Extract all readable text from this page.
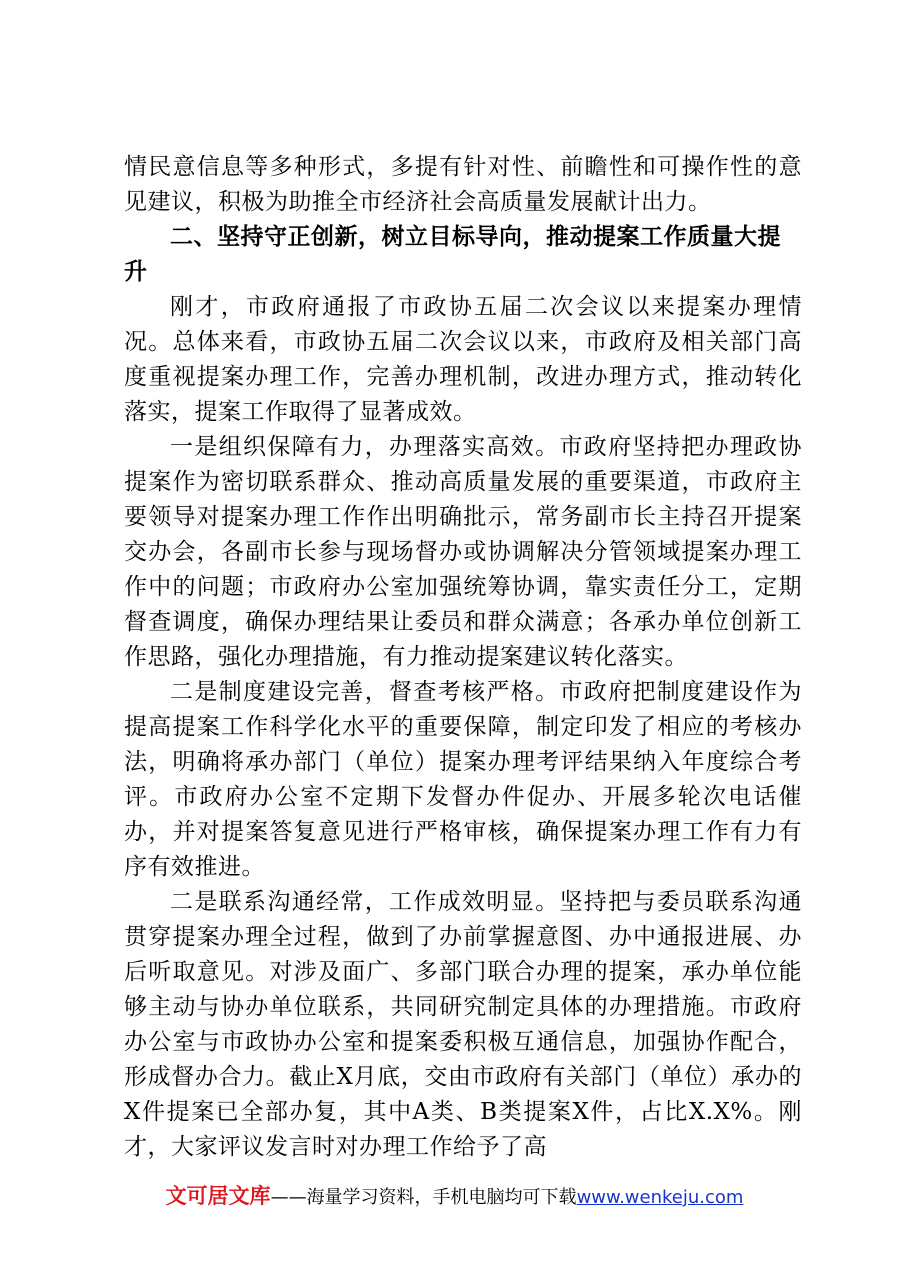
情民意信息等多种形式，多提有针对性、前瞻性和可操作性的意见建议，积极为助推全市经济社会高质量发展献计出力。

二、坚持守正创新，树立目标导向，推动提案工作质量大提升

刚才，市政府通报了市政协五届二次会议以来提案办理情况。总体来看，市政协五届二次会议以来，市政府及相关部门高度重视提案办理工作，完善办理机制，改进办理方式，推动转化落实，提案工作取得了显著成效。

一是组织保障有力，办理落实高效。市政府坚持把办理政协提案作为密切联系群众、推动高质量发展的重要渠道，市政府主要领导对提案办理工作作出明确批示，常务副市长主持召开提案交办会，各副市长参与现场督办或协调解决分管领域提案办理工作中的问题；市政府办公室加强统筹协调，靠实责任分工，定期督查调度，确保办理结果让委员和群众满意；各承办单位创新工作思路，强化办理措施，有力推动提案建议转化落实。

二是制度建设完善，督查考核严格。市政府把制度建设作为提高提案工作科学化水平的重要保障，制定印发了相应的考核办法，明确将承办部门（单位）提案办理考评结果纳入年度综合考评。市政府办公室不定期下发督办件促办、开展多轮次电话催办，并对提案答复意见进行严格审核，确保提案办理工作有力有序有效推进。

二是联系沟通经常，工作成效明显。坚持把与委员联系沟通贯穿提案办理全过程，做到了办前掌握意图、办中通报进展、办后听取意见。对涉及面广、多部门联合办理的提案，承办单位能够主动与协办单位联系，共同研究制定具体的办理措施。市政府办公室与市政协办公室和提案委积极互通信息，加强协作配合，形成督办合力。截止X月底，交由市政府有关部门（单位）承办的X件提案已全部办复，其中A类、B类提案X件，占比X.X%。刚才，大家评议发言时对办理工作给予了高

文可居文库——海量学习资料，手机电脑均可下载www.wenkeju.com
